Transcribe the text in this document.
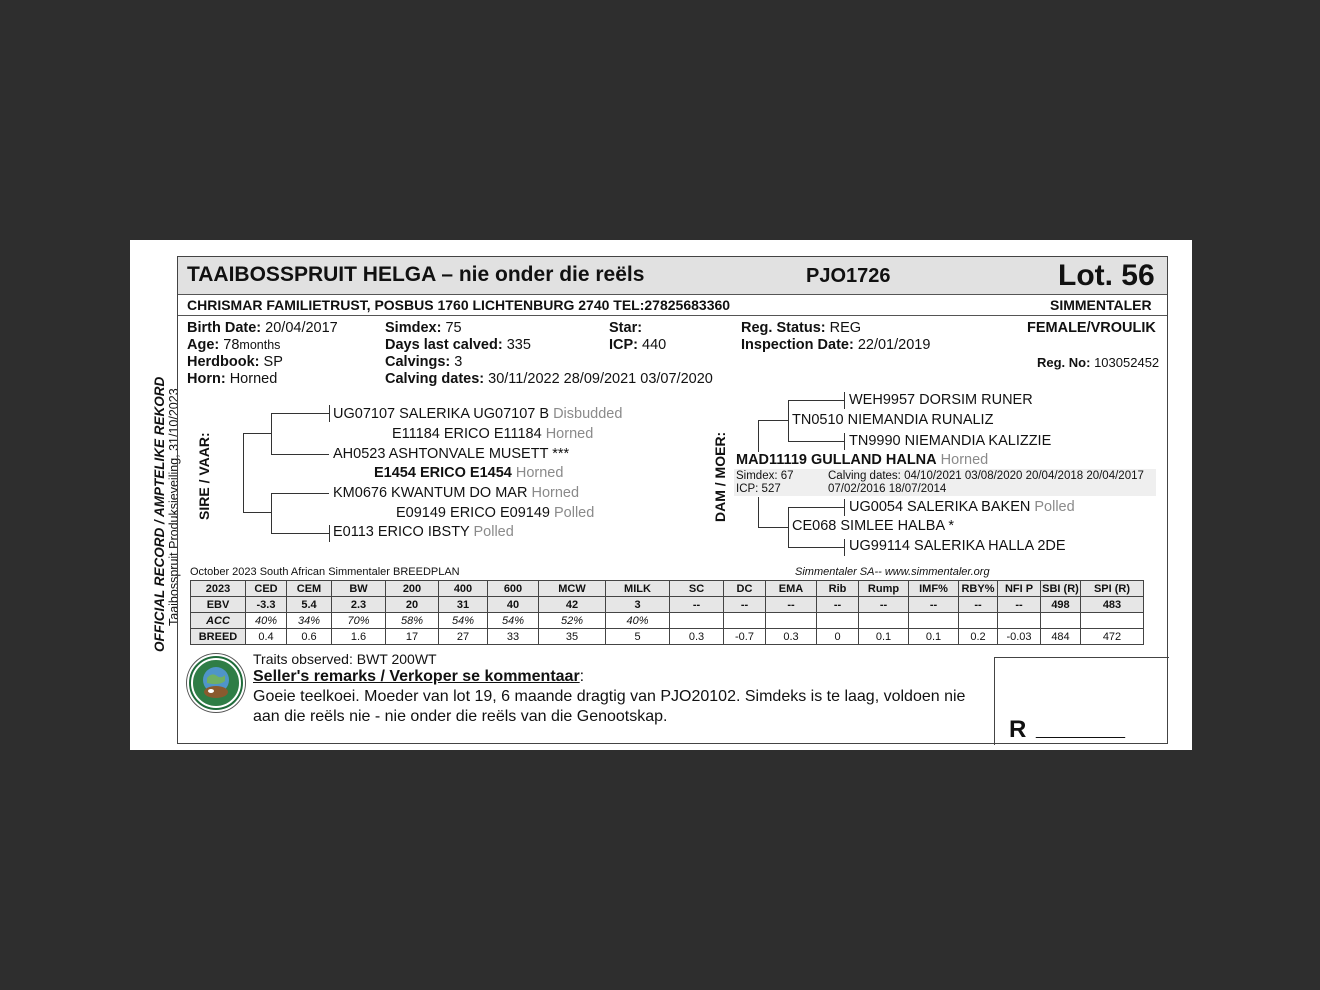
OFFICIAL RECORD / AMPTELIKE REKORD Taaibosspruit Produksieveiling, 31/10/2023
TAAIBOSSPRUIT HELGA – nie onder die reëls	PJO1726	Lot. 56
CHRISMAR FAMILIETRUST, POSBUS 1760 LICHTENBURG 2740 TEL:27825683360	SIMMENTALER
Birth Date: 20/04/2017
Age: 78months
Herdbook: SP
Horn: Horned
Simdex: 75
Days last calved: 335
Calvings: 3
Calving dates: 30/11/2022 28/09/2021 03/07/2020
Star:
ICP: 440
Reg. Status: REG
Inspection Date: 22/01/2019
FEMALE/VROULIK
Reg. No: 103052452
SIRE / VAAR:
UG07107 SALERIKA UG07107 B Disbudded
E11184 ERICO E11184 Horned
AH0523 ASHTONVALE MUSETT ***
E1454 ERICO E1454 Horned
KM0676 KWANTUM DO MAR Horned
E09149 ERICO E09149 Polled
E0113 ERICO IBSTY Polled
DAM / MOER:
WEH9957 DORSIM RUNER
TN0510 NIEMANDIA RUNALIZ
TN9990 NIEMANDIA KALIZZIE
MAD11119 GULLAND HALNA Horned
Simdex: 67
ICP: 527
Calving dates: 04/10/2021 03/08/2020 20/04/2018 20/04/2017
07/02/2016 18/07/2014
UG0054 SALERIKA BAKEN Polled
CE068 SIMLEE HALBA *
UG99114 SALERIKA HALLA 2DE
October 2023 South African Simmentaler BREEDPLAN	Simmentaler SA-- www.simmentaler.org
2023	CED	CEM	BW	200	400	600	MCW	MILK	SC	DC	EMA	Rib	Rump	IMF%	RBY%	NFI P	SBI (R)	SPI (R)
EBV	-3.3	5.4	2.3	20	31	40	42	3	--	--	--	--	--	--	--	--	498	483
ACC	40%	34%	70%	58%	54%	54%	52%	40%										
BREED	0.4	0.6	1.6	17	27	33	35	5	0.3	-0.7	0.3	0	0.1	0.1	0.2	-0.03	484	472
Traits observed: BWT 200WT
Seller's remarks / Verkoper se kommentaar:
Goeie teelkoei. Moeder van lot 19, 6 maande dragtig van PJO20102. Simdeks is te laag, voldoen nie aan die reëls nie - nie onder die reëls van die Genootskap.	R __________
